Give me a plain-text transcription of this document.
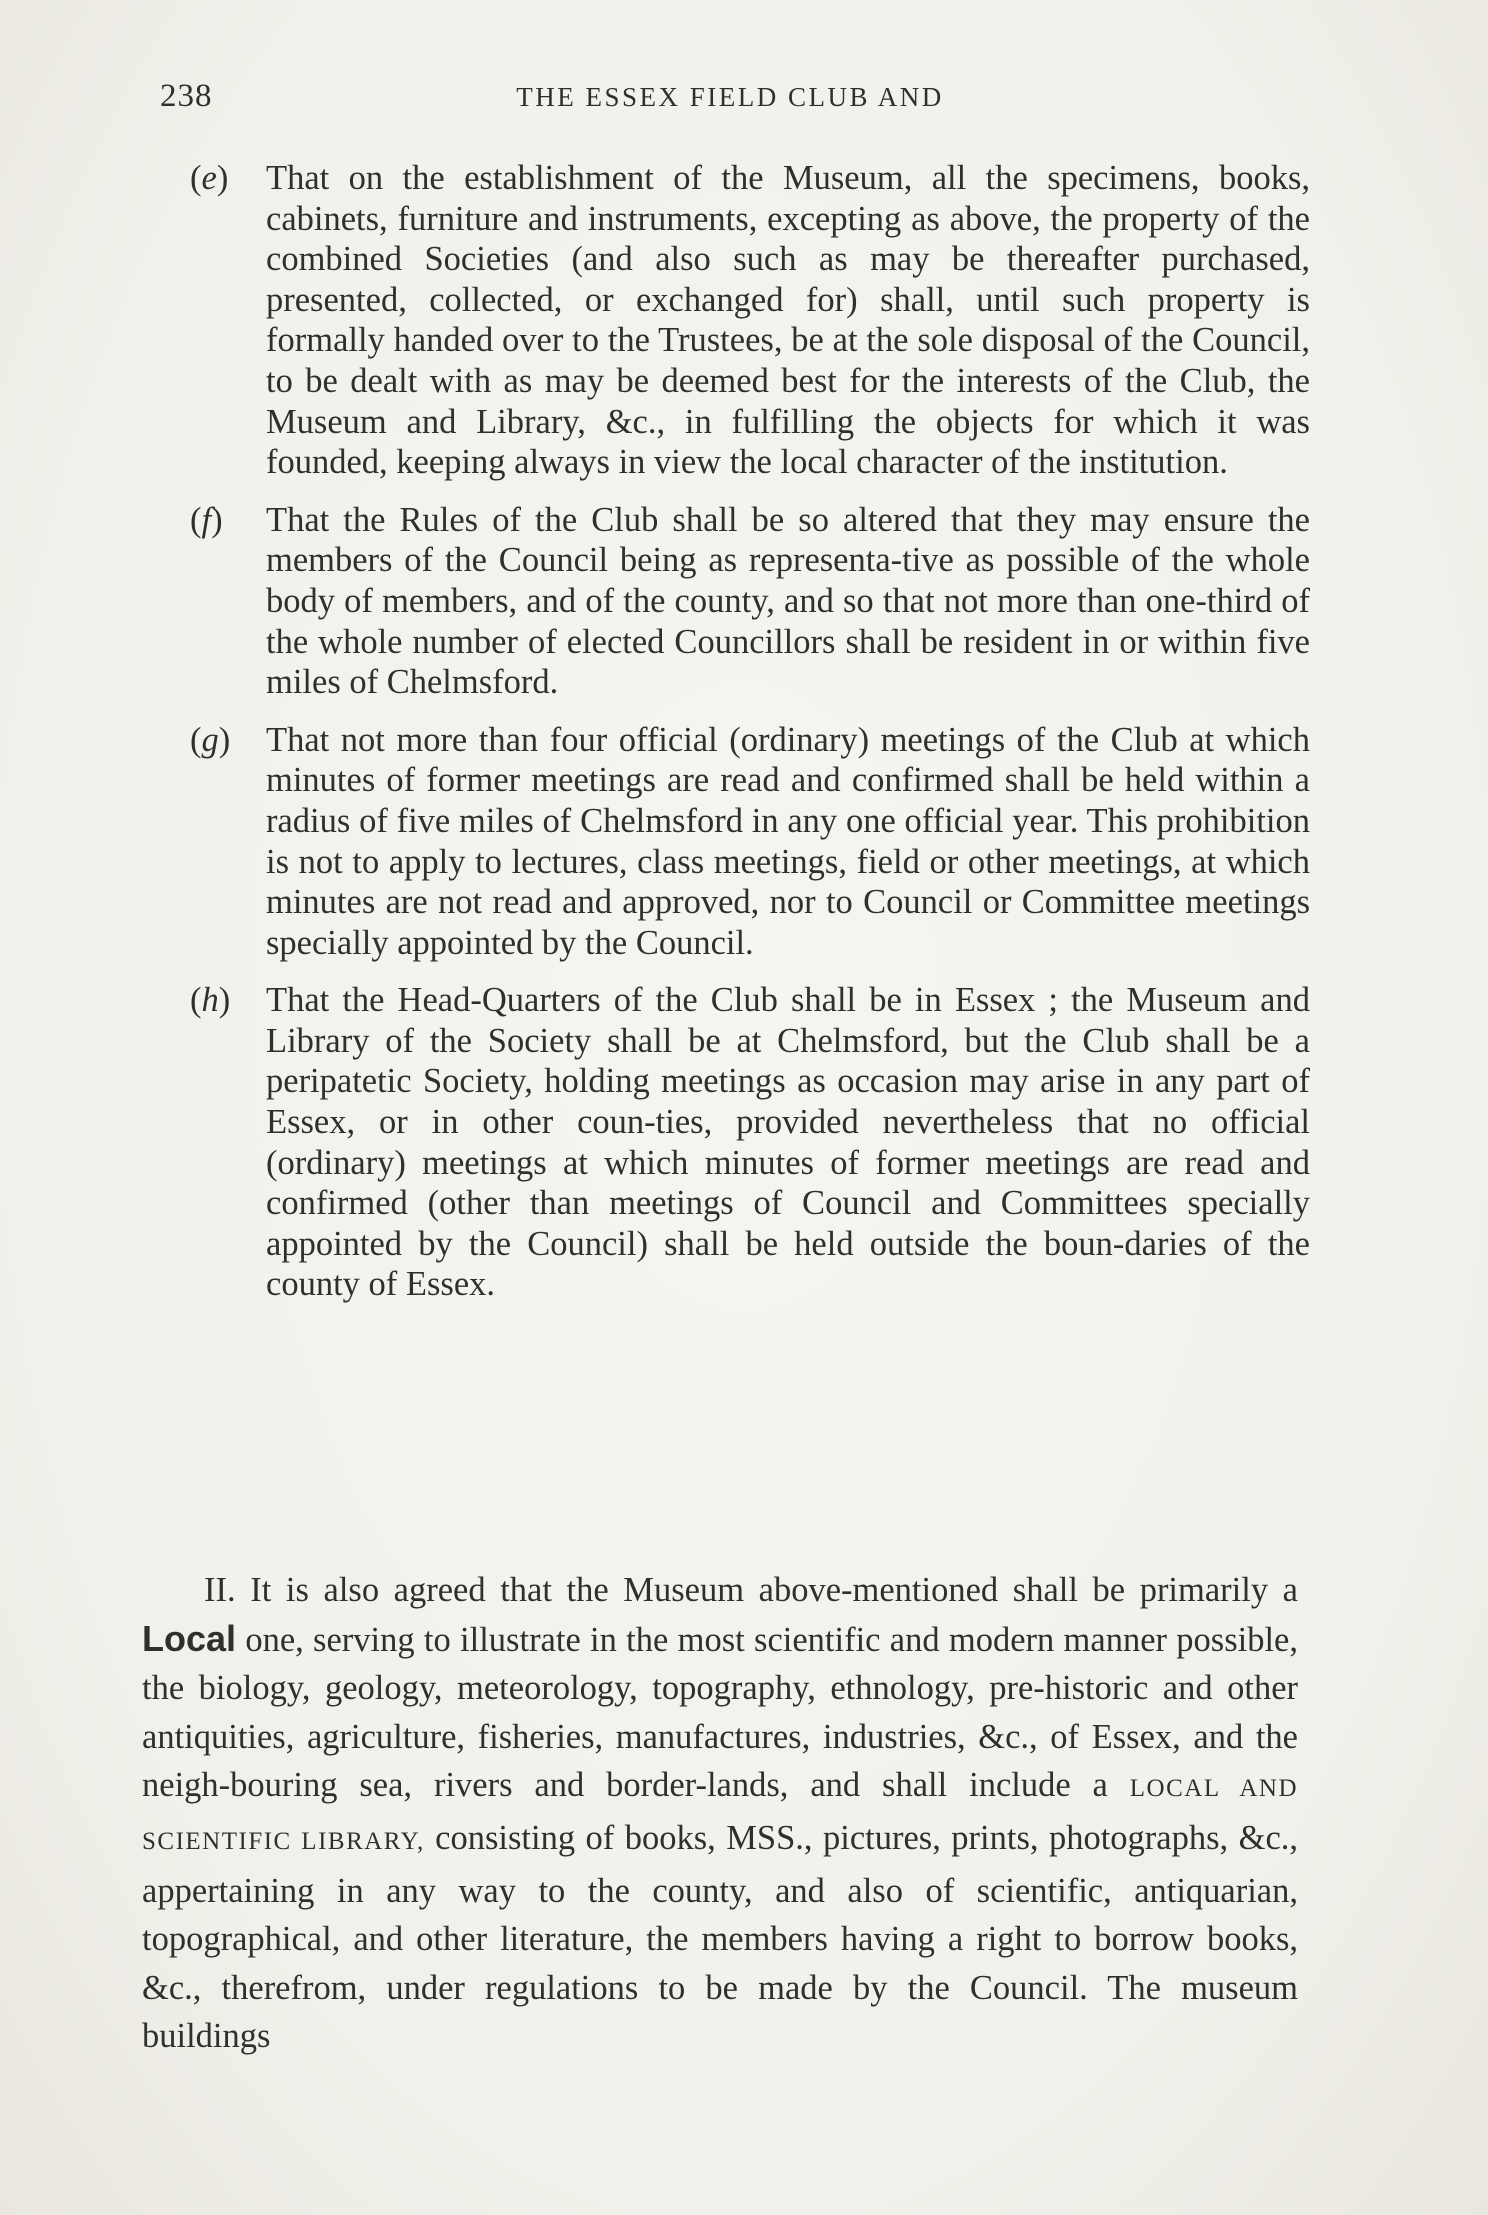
238	THE ESSEX FIELD CLUB AND
(e) That on the establishment of the Museum, all the specimens, books, cabinets, furniture and instruments, excepting as above, the property of the combined Societies (and also such as may be thereafter purchased, presented, collected, or exchanged for) shall, until such property is formally handed over to the Trustees, be at the sole disposal of the Council, to be dealt with as may be deemed best for the interests of the Club, the Museum and Library, &c., in fulfilling the objects for which it was founded, keeping always in view the local character of the institution.
(f) That the Rules of the Club shall be so altered that they may ensure the members of the Council being as representa-tive as possible of the whole body of members, and of the county, and so that not more than one-third of the whole number of elected Councillors shall be resident in or within five miles of Chelmsford.
(g) That not more than four official (ordinary) meetings of the Club at which minutes of former meetings are read and confirmed shall be held within a radius of five miles of Chelmsford in any one official year. This prohibition is not to apply to lectures, class meetings, field or other meetings, at which minutes are not read and approved, nor to Council or Committee meetings specially appointed by the Council.
(h) That the Head-Quarters of the Club shall be in Essex ; the Museum and Library of the Society shall be at Chelmsford, but the Club shall be a peripatetic Society, holding meetings as occasion may arise in any part of Essex, or in other coun-ties, provided nevertheless that no official (ordinary) meetings at which minutes of former meetings are read and confirmed (other than meetings of Council and Committees specially appointed by the Council) shall be held outside the boun-daries of the county of Essex.

II. It is also agreed that the Museum above-mentioned shall be primarily a Local one, serving to illustrate in the most scientific and modern manner possible, the biology, geology, meteorology, topography, ethnology, pre-historic and other antiquities, agriculture, fisheries, manufactures, industries, &c., of Essex, and the neigh-bouring sea, rivers and border-lands, and shall include a LOCAL AND SCIENTIFIC LIBRARY, consisting of books, MSS., pictures, prints, photographs, &c., appertaining in any way to the county, and also of scientific, antiquarian, topographical, and other literature, the members having a right to borrow books, &c., therefrom, under regulations to be made by the Council. The museum buildings
